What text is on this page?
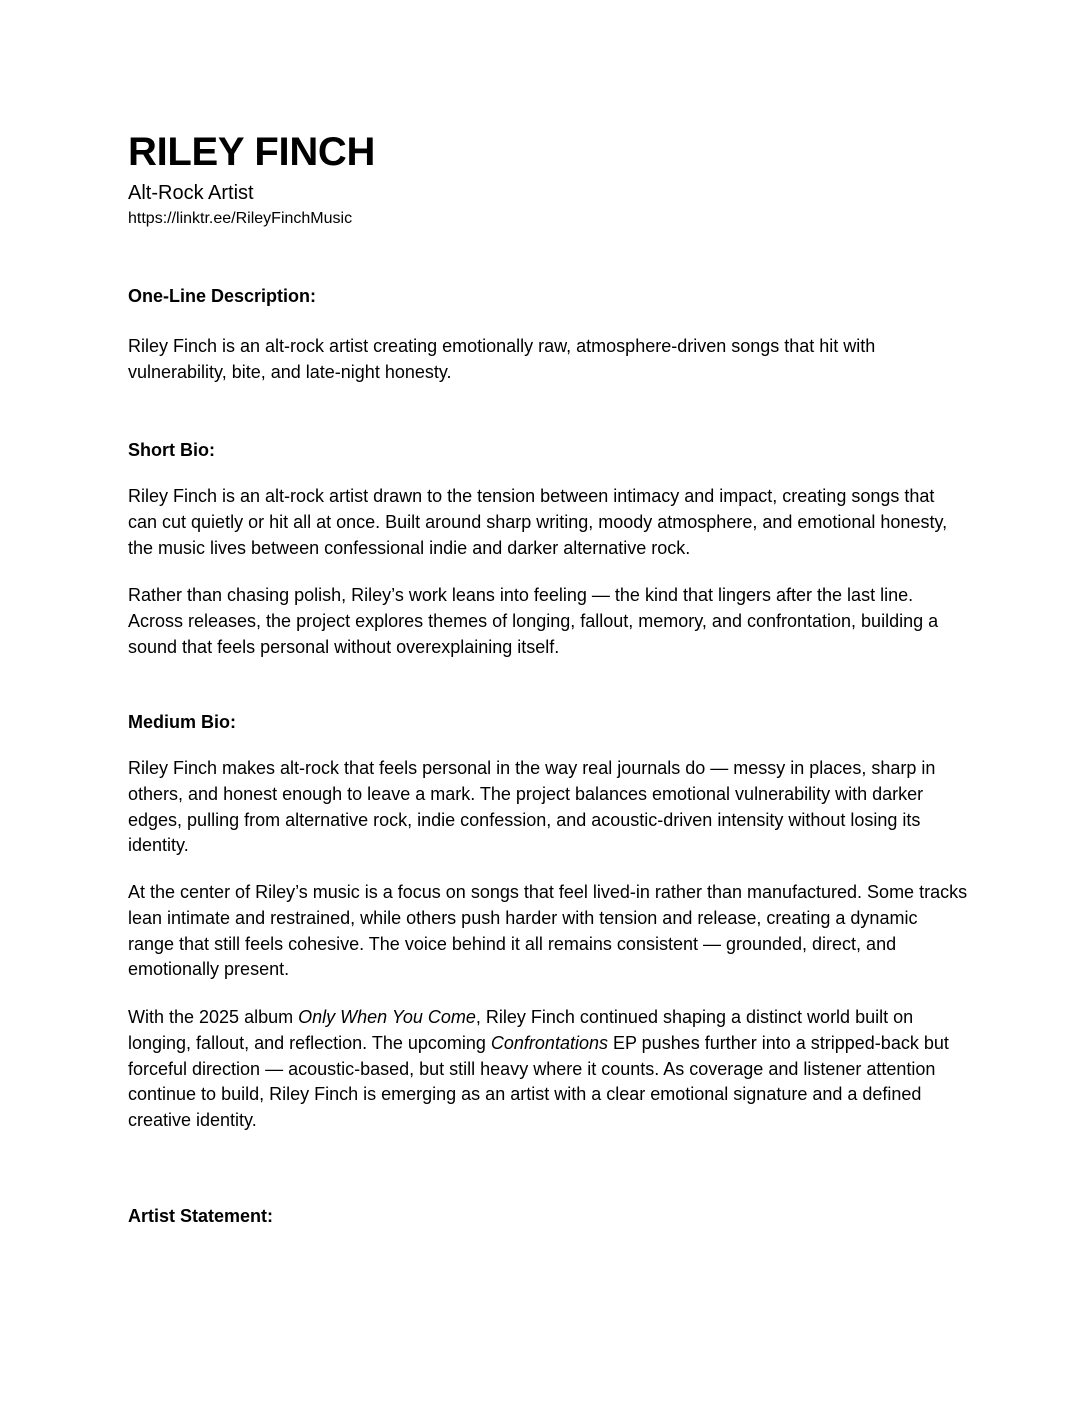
RILEY FINCH
Alt-Rock Artist
https://linktr.ee/RileyFinchMusic
One-Line Description:

Riley Finch is an alt-rock artist creating emotionally raw, atmosphere-driven songs that hit with vulnerability, bite, and late-night honesty.

Short Bio:

Riley Finch is an alt-rock artist drawn to the tension between intimacy and impact, creating songs that can cut quietly or hit all at once. Built around sharp writing, moody atmosphere, and emotional honesty, the music lives between confessional indie and darker alternative rock.

Rather than chasing polish, Riley’s work leans into feeling — the kind that lingers after the last line. Across releases, the project explores themes of longing, fallout, memory, and confrontation, building a sound that feels personal without overexplaining itself.

Medium Bio:

Riley Finch makes alt-rock that feels personal in the way real journals do — messy in places, sharp in others, and honest enough to leave a mark. The project balances emotional vulnerability with darker edges, pulling from alternative rock, indie confession, and acoustic-driven intensity without losing its identity.

At the center of Riley’s music is a focus on songs that feel lived-in rather than manufactured. Some tracks lean intimate and restrained, while others push harder with tension and release, creating a dynamic range that still feels cohesive. The voice behind it all remains consistent — grounded, direct, and emotionally present.

With the 2025 album Only When You Come, Riley Finch continued shaping a distinct world built on longing, fallout, and reflection. The upcoming Confrontations EP pushes further into a stripped-back but forceful direction — acoustic-based, but still heavy where it counts. As coverage and listener attention continue to build, Riley Finch is emerging as an artist with a clear emotional signature and a defined creative identity.

Artist Statement:
